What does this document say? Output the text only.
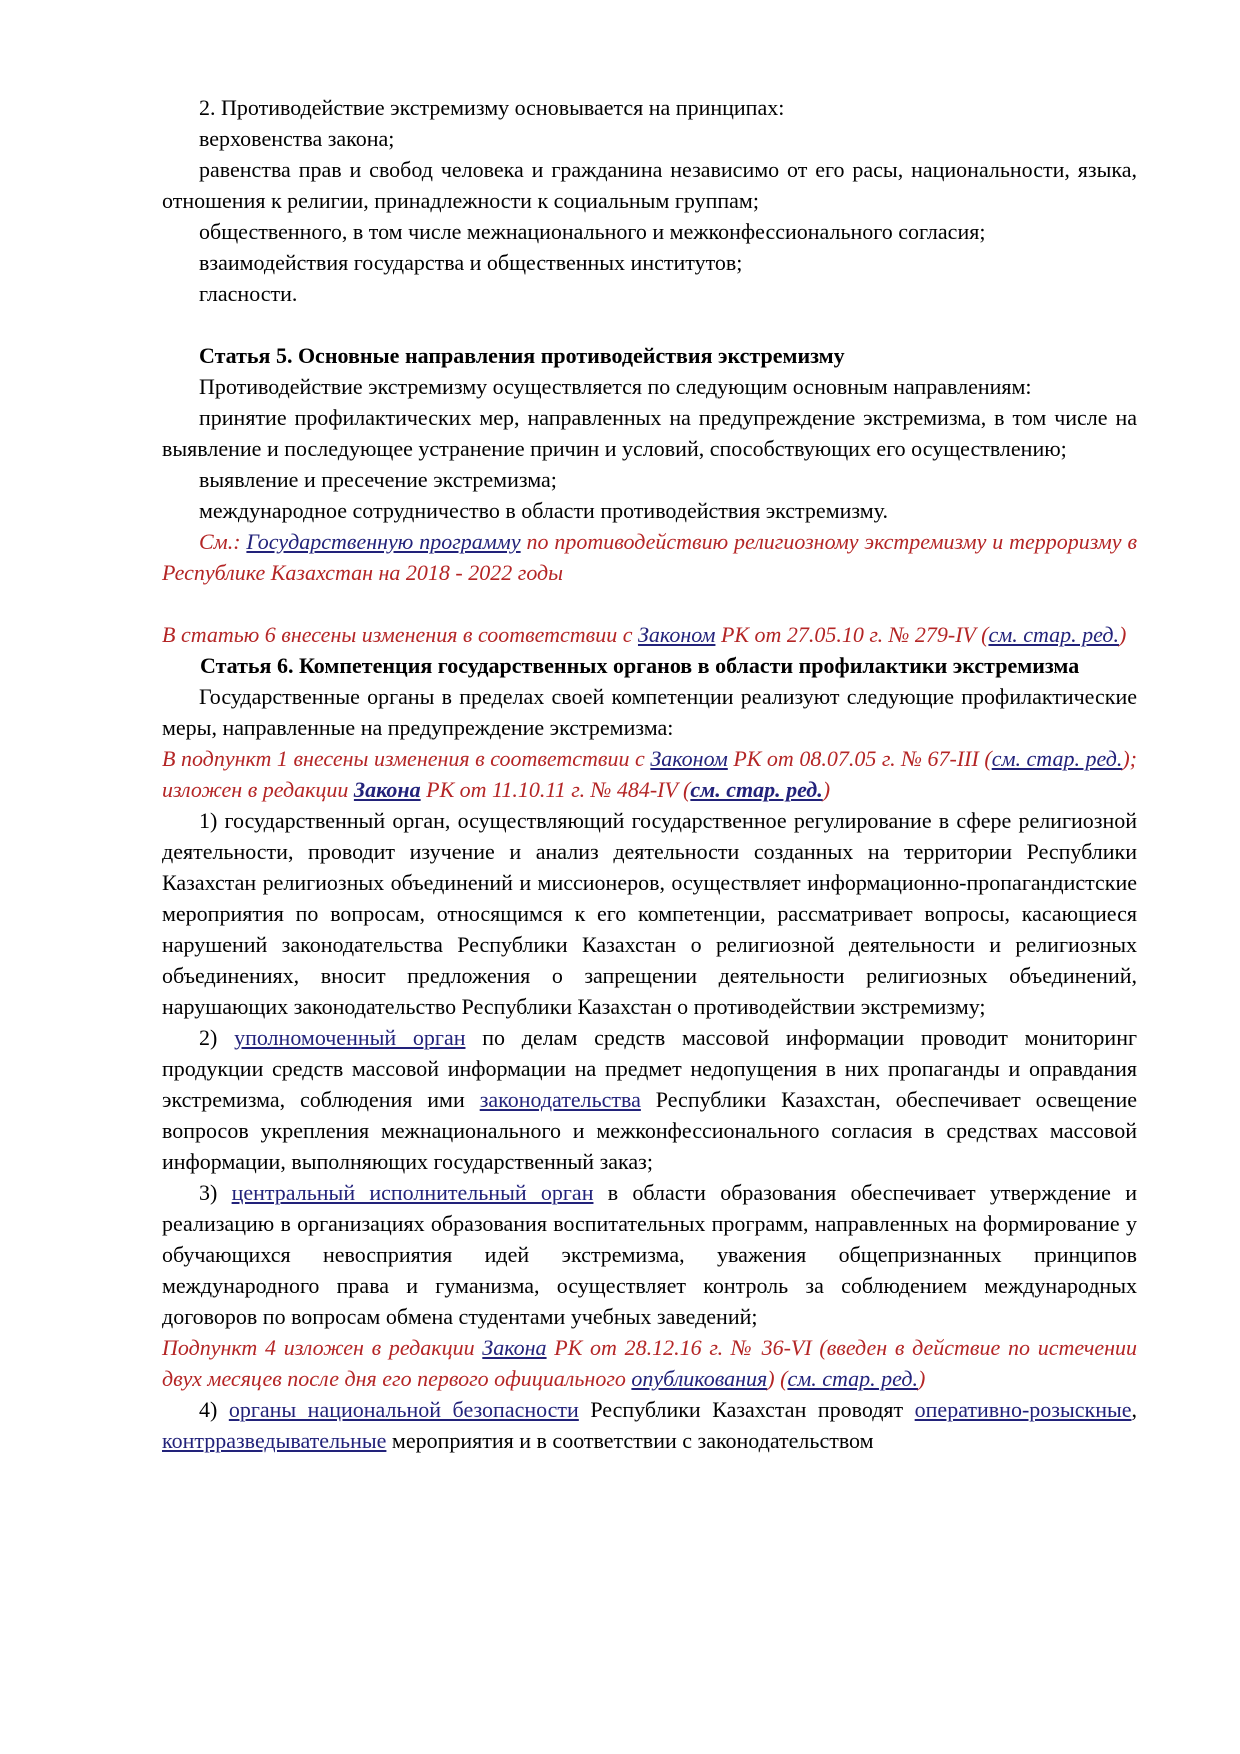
2. Противодействие экстремизму основывается на принципах:

верховенства закона;

равенства прав и свобод человека и гражданина независимо от его расы, национальности, языка, отношения к религии, принадлежности к социальным группам;

общественного, в том числе межнационального и межконфессионального согласия;

взаимодействия государства и общественных институтов;

гласности.

Статья 5. Основные направления противодействия экстремизму

Противодействие экстремизму осуществляется по следующим основным направлениям:

принятие профилактических мер, направленных на предупреждение экстремизма, в том числе на выявление и последующее устранение причин и условий, способствующих его осуществлению;

выявление и пресечение экстремизма;

международное сотрудничество в области противодействия экстремизму.

См.: Государственную программу по противодействию религиозному экстремизму и терроризму в Республике Казахстан на 2018 - 2022 годы

В статью 6 внесены изменения в соответствии с Законом РК от 27.05.10 г. № 279-IV (см. стар. ред.)

Статья 6. Компетенция государственных органов в области профилактики экстремизма

Государственные органы в пределах своей компетенции реализуют следующие профилактические меры, направленные на предупреждение экстремизма:

В подпункт 1 внесены изменения в соответствии с Законом РК от 08.07.05 г. № 67-III (см. стар. ред.); изложен в редакции Закона РК от 11.10.11 г. № 484-IV (см. стар. ред.)

1) государственный орган, осуществляющий государственное регулирование в сфере религиозной деятельности, проводит изучение и анализ деятельности созданных на территории Республики Казахстан религиозных объединений и миссионеров, осуществляет информационно-пропагандистские мероприятия по вопросам, относящимся к его компетенции, рассматривает вопросы, касающиеся нарушений законодательства Республики Казахстан о религиозной деятельности и религиозных объединениях, вносит предложения о запрещении деятельности религиозных объединений, нарушающих законодательство Республики Казахстан о противодействии экстремизму;

2) уполномоченный орган по делам средств массовой информации проводит мониторинг продукции средств массовой информации на предмет недопущения в них пропаганды и оправдания экстремизма, соблюдения ими законодательства Республики Казахстан, обеспечивает освещение вопросов укрепления межнационального и межконфессионального согласия в средствах массовой информации, выполняющих государственный заказ;

3) центральный исполнительный орган в области образования обеспечивает утверждение и реализацию в организациях образования воспитательных программ, направленных на формирование у обучающихся невосприятия идей экстремизма, уважения общепризнанных принципов международного права и гуманизма, осуществляет контроль за соблюдением международных договоров по вопросам обмена студентами учебных заведений;

Подпункт 4 изложен в редакции Закона РК от 28.12.16 г. № 36-VI (введен в действие по истечении двух месяцев после дня его первого официального опубликования) (см. стар. ред.)

4) органы национальной безопасности Республики Казахстан проводят оперативно-розыскные, контрразведывательные мероприятия и в соответствии с законодательством
